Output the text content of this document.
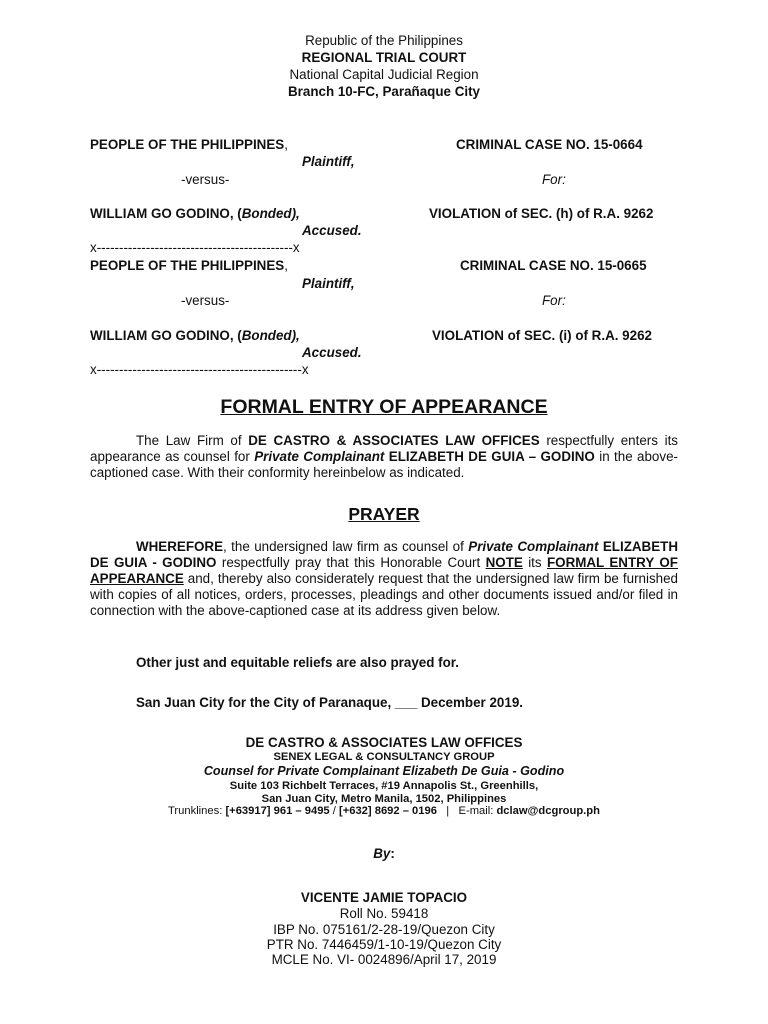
Republic of the Philippines
REGIONAL TRIAL COURT
National Capital Judicial Region
Branch 10-FC, Parañaque City
PEOPLE OF THE PHILIPPINES,
Plaintiff,
-versus-
WILLIAM GO GODINO, (Bonded),
Accused.
x--------------------------------------------x
CRIMINAL CASE NO. 15-0664
For:
VIOLATION of SEC. (h) of R.A. 9262
PEOPLE OF THE PHILIPPINES,
Plaintiff,
-versus-
WILLIAM GO GODINO, (Bonded),
Accused.
x----------------------------------------------x
CRIMINAL CASE NO. 15-0665
For:
VIOLATION of SEC. (i) of R.A. 9262
FORMAL ENTRY OF APPEARANCE
The Law Firm of DE CASTRO & ASSOCIATES LAW OFFICES respectfully enters its appearance as counsel for Private Complainant ELIZABETH DE GUIA – GODINO in the above-captioned case. With their conformity hereinbelow as indicated.
PRAYER
WHEREFORE, the undersigned law firm as counsel of Private Complainant ELIZABETH DE GUIA - GODINO respectfully pray that this Honorable Court NOTE its FORMAL ENTRY OF APPEARANCE and, thereby also considerately request that the undersigned law firm be furnished with copies of all notices, orders, processes, pleadings and other documents issued and/or filed in connection with the above-captioned case at its address given below.
Other just and equitable reliefs are also prayed for.
San Juan City for the City of Paranaque, ___ December 2019.
DE CASTRO & ASSOCIATES LAW OFFICES
SENEX LEGAL & CONSULTANCY GROUP
Counsel for Private Complainant Elizabeth De Guia - Godino
Suite 103 Richbelt Terraces, #19 Annapolis St., Greenhills,
San Juan City, Metro Manila, 1502, Philippines
Trunklines: [+63917] 961 – 9495 / [+632] 8692 – 0196   |   E-mail: dclaw@dcgroup.ph
By:
VICENTE JAMIE TOPACIO
Roll No. 59418
IBP No. 075161/2-28-19/Quezon City
PTR No. 7446459/1-10-19/Quezon City
MCLE No. VI- 0024896/April 17, 2019
